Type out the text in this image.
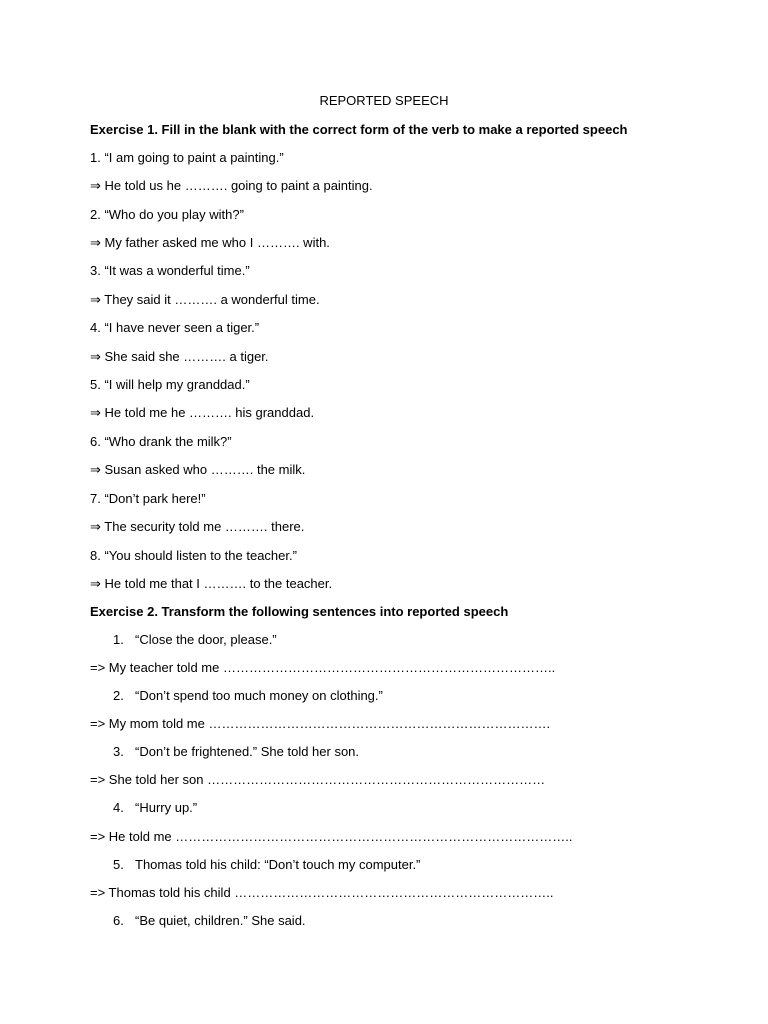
REPORTED SPEECH

Exercise 1. Fill in the blank with the correct form of the verb to make a reported speech

1. “I am going to paint a painting.”

⇒ He told us he ………. going to paint a painting.

2. “Who do you play with?”

⇒ My father asked me who I ………. with.

3. “It was a wonderful time.”

⇒ They said it ………. a wonderful time.

4. “I have never seen a tiger.”

⇒ She said she ………. a tiger.

5. “I will help my granddad.”

⇒ He told me he ………. his granddad.

6. “Who drank the milk?”

⇒ Susan asked who ………. the milk.

7. “Don’t park here!”

⇒ The security told me ………. there.

8. “You should listen to the teacher.”

⇒ He told me that I ………. to the teacher.

Exercise 2. Transform the following sentences into reported speech

1. “Close the door, please.”

=> My teacher told me …………………………………………………………………..

2. “Don’t spend too much money on clothing.”

=> My mom told me …………………………………………………………………….

3. “Don’t be frightened.” She told her son.

=> She told her son ……………………………………………………………………

4. “Hurry up.”

=> He told me ………………………………………………………………………………..

5. Thomas told his child: “Don’t touch my computer.”

=> Thomas told his child ………………………………………………………………..

6. “Be quiet, children.” She said.
